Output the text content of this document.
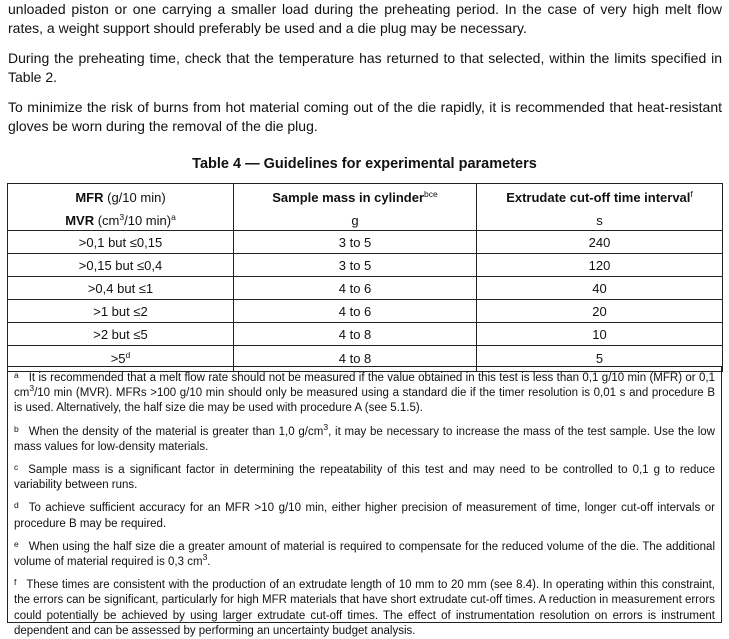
unloaded piston or one carrying a smaller load during the preheating period. In the case of very high melt flow rates, a weight support should preferably be used and a die plug may be necessary.

During the preheating time, check that the temperature has returned to that selected, within the limits specified in Table 2.

To minimize the risk of burns from hot material coming out of the die rapidly, it is recommended that heat-resistant gloves be worn during the removal of the die plug.

Table 4 — Guidelines for experimental parameters
MFR (g/10 min)	Sample mass in cylinder$^{bce}$	Extrudate cut-off time interval$^f$
MVR ($cm^3/10$ min)$^a$	g	s
>0,1 but ≤0,15	3 to 5	240
>0,15 but ≤0,4	3 to 5	120
>0,4 but ≤1	4 to 6	40
>1 but ≤2	4 to 6	20
>2 but ≤5	4 to 8	10
$>5^d$	4 to 8	5

$^a$ It is recommended that a melt flow rate should not be measured if the value obtained in this test is less than 0,1 g/10 min (MFR) or 0,1 $cm^3/10$ min (MVR). MFRs >100 g/10 min should only be measured using a standard die if the timer resolution is 0,01 s and procedure B is used. Alternatively, the half size die may be used with procedure A (see 5.1.5).

$^b$ When the density of the material is greater than 1,0 $g/cm^3$, it may be necessary to increase the mass of the test sample. Use the low mass values for low-density materials.

$^c$ Sample mass is a significant factor in determining the repeatability of this test and may need to be controlled to 0,1 g to reduce variability between runs.

$^d$ To achieve sufficient accuracy for an MFR >10 g/10 min, either higher precision of measurement of time, longer cut-off intervals or procedure B may be required.

$^e$ When using the half size die a greater amount of material is required to compensate for the reduced volume of the die. The additional volume of material required is 0,3 $cm^3$.

$^f$ These times are consistent with the production of an extrudate length of 10 mm to 20 mm (see 8.4). In operating within this constraint, the errors can be significant, particularly for high MFR materials that have short extrudate cut-off times. A reduction in measurement errors could potentially be achieved by using larger extrudate cut-off times. The effect of instrumentation resolution on errors is instrument dependent and can be assessed by performing an uncertainty budget analysis.
